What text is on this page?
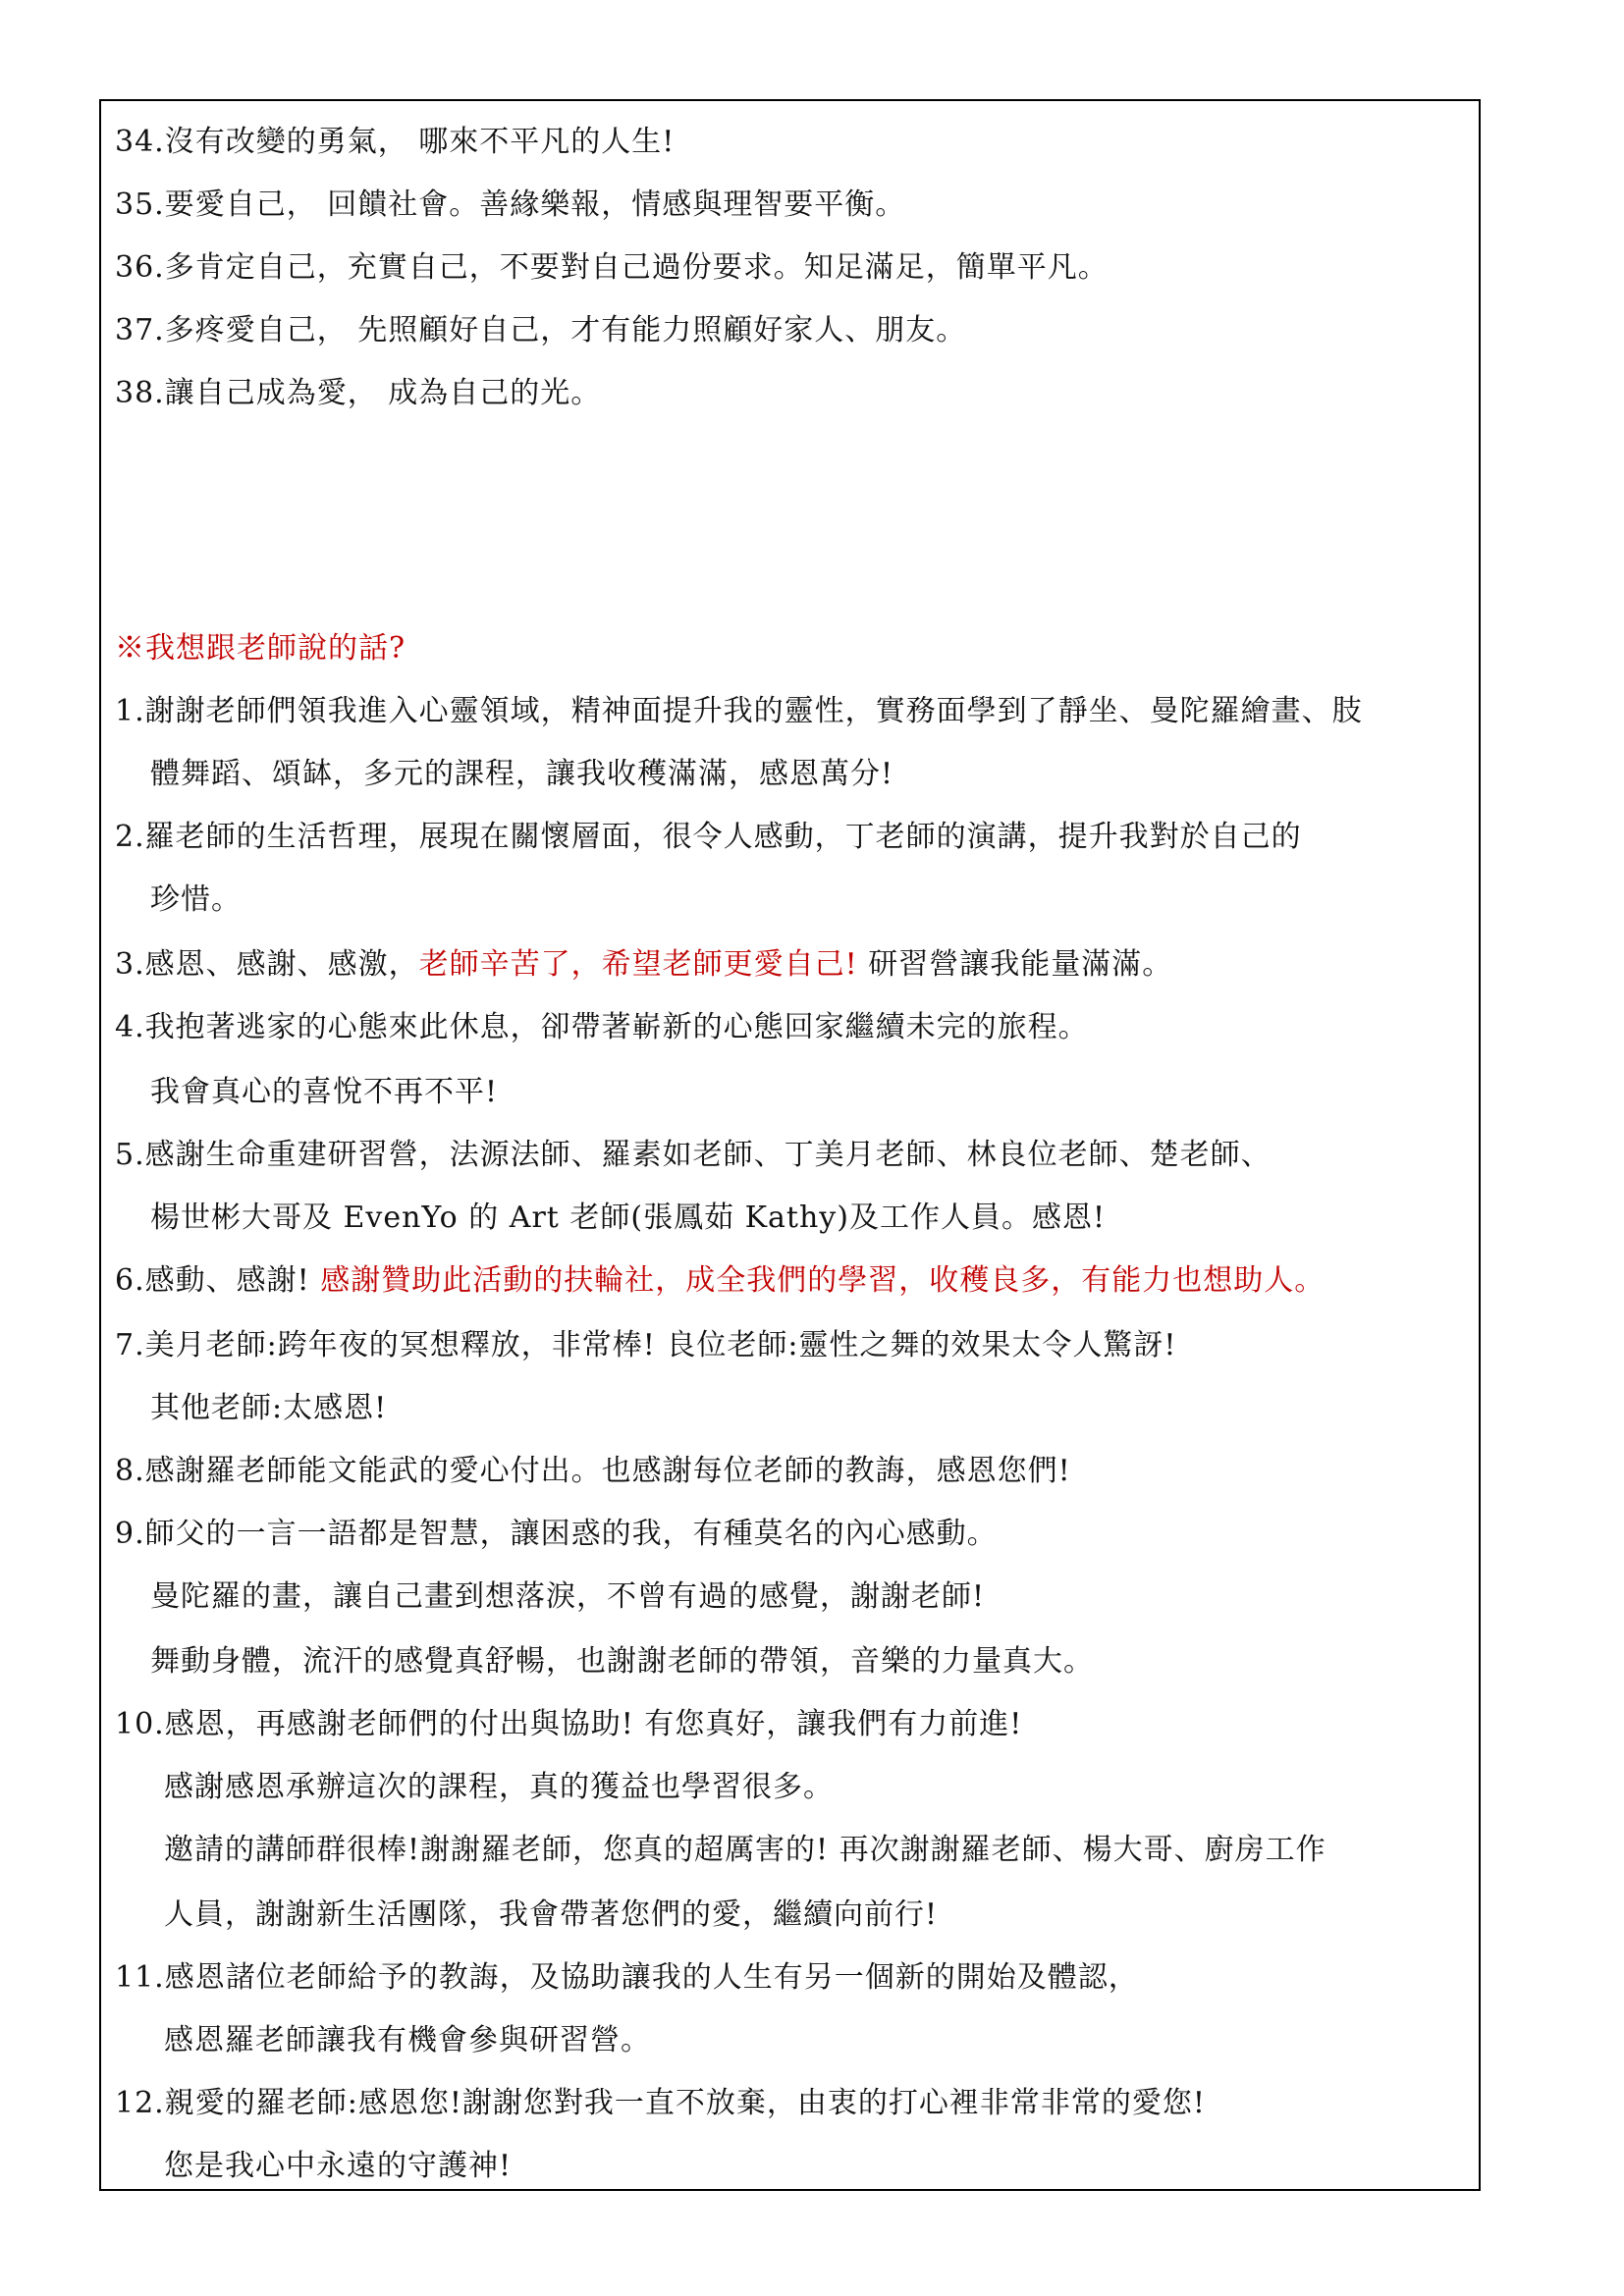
34.沒有改變的勇氣， 哪來不平凡的人生!
35.要愛自己， 回饋社會。善緣樂報，情感與理智要平衡。
36.多肯定自己，充實自己，不要對自己過份要求。知足滿足，簡單平凡。
37.多疼愛自己， 先照顧好自己，才有能力照顧好家人、朋友。
38.讓自己成為愛， 成為自己的光。
※我想跟老師說的話?
1.謝謝老師們領我進入心靈領域，精神面提升我的靈性，實務面學到了靜坐、曼陀羅繪畫、肢
體舞蹈、頌缽，多元的課程，讓我收穫滿滿，感恩萬分!
2.羅老師的生活哲理，展現在關懷層面，很令人感動，丁老師的演講，提升我對於自己的
珍惜。
3.感恩、感謝、感激，老師辛苦了，希望老師更愛自己! 研習營讓我能量滿滿。
4.我抱著逃家的心態來此休息，卻帶著嶄新的心態回家繼續未完的旅程。
我會真心的喜悅不再不平!
5.感謝生命重建研習營，法源法師、羅素如老師、丁美月老師、林良位老師、楚老師、
楊世彬大哥及 EvenYo 的 Art 老師(張鳳茹 Kathy)及工作人員。感恩!
6.感動、感謝! 感謝贊助此活動的扶輪社，成全我們的學習，收穫良多，有能力也想助人。
7.美月老師:跨年夜的冥想釋放，非常棒! 良位老師:靈性之舞的效果太令人驚訝!
其他老師:太感恩!
8.感謝羅老師能文能武的愛心付出。也感謝每位老師的教誨，感恩您們!
9.師父的一言一語都是智慧，讓困惑的我，有種莫名的內心感動。
曼陀羅的畫，讓自己畫到想落淚，不曾有過的感覺，謝謝老師!
舞動身體，流汗的感覺真舒暢，也謝謝老師的帶領，音樂的力量真大。
10.感恩，再感謝老師們的付出與協助! 有您真好，讓我們有力前進!
感謝感恩承辦這次的課程，真的獲益也學習很多。
邀請的講師群很棒!謝謝羅老師，您真的超厲害的! 再次謝謝羅老師、楊大哥、廚房工作
人員，謝謝新生活團隊，我會帶著您們的愛，繼續向前行!
11.感恩諸位老師給予的教誨，及協助讓我的人生有另一個新的開始及體認，
感恩羅老師讓我有機會參與研習營。
12.親愛的羅老師:感恩您!謝謝您對我一直不放棄，由衷的打心裡非常非常的愛您!
您是我心中永遠的守護神!
